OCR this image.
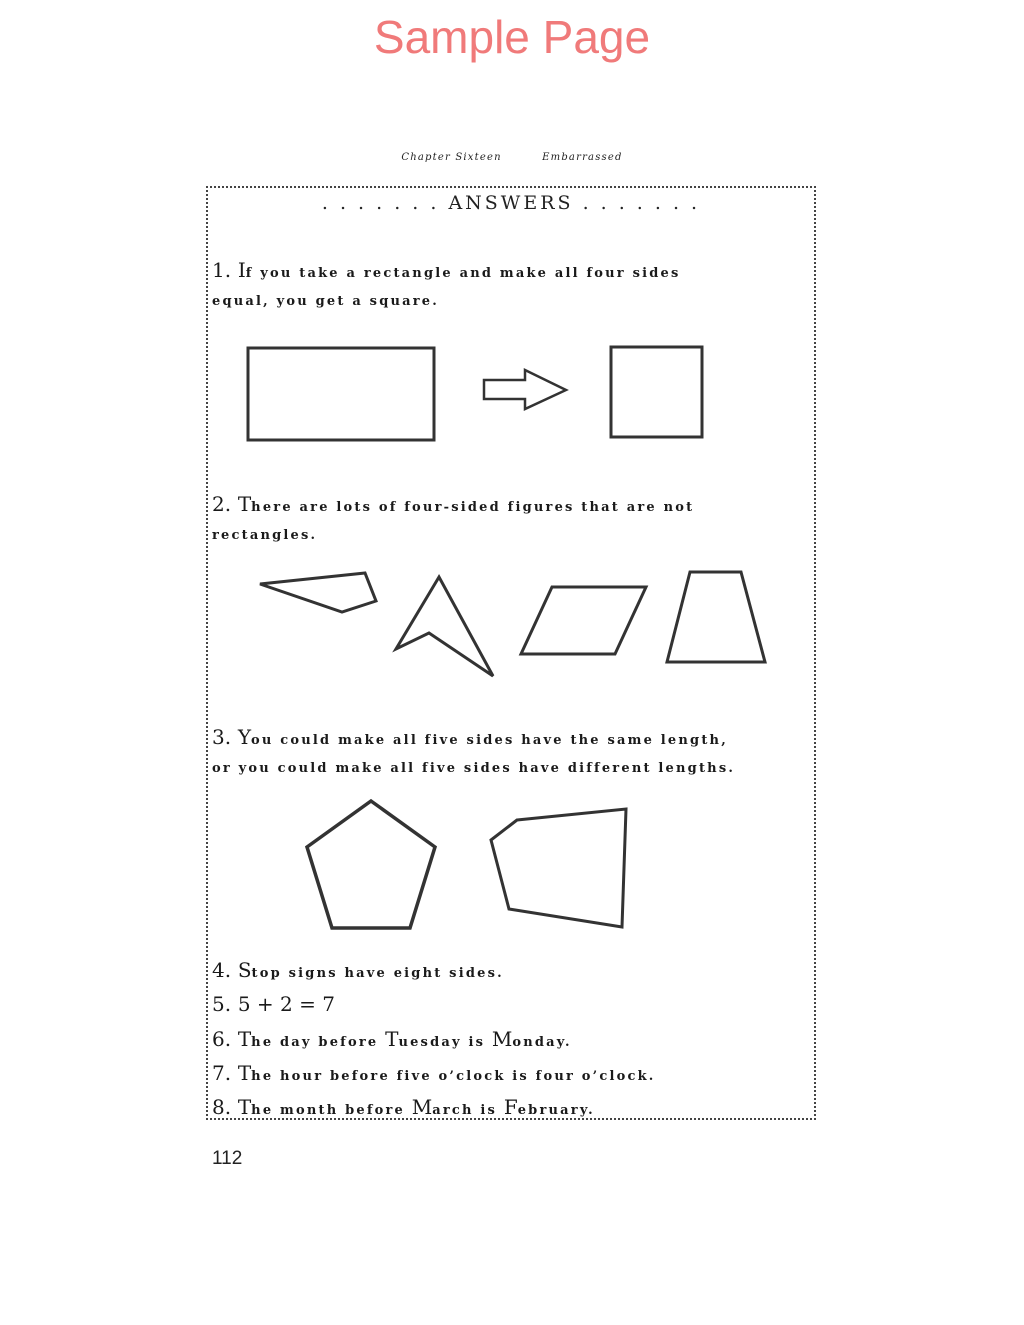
Sample Page
Chapter Sixteen	Embarrassed
. . . . . . . ANSWERS . . . . . . .
1. If you take a rectangle and make all four sides
equal, you get a square.
2. There are lots of four-sided figures that are not
rectangles.
3. You could make all five sides have the same length,
or you could make all five sides have different lengths.
4. Stop signs have eight sides.
5. 5 + 2 = 7
6. The day before Tuesday is Monday.
7. The hour before five o’clock is four o’clock.
8. The month before March is February.
112
